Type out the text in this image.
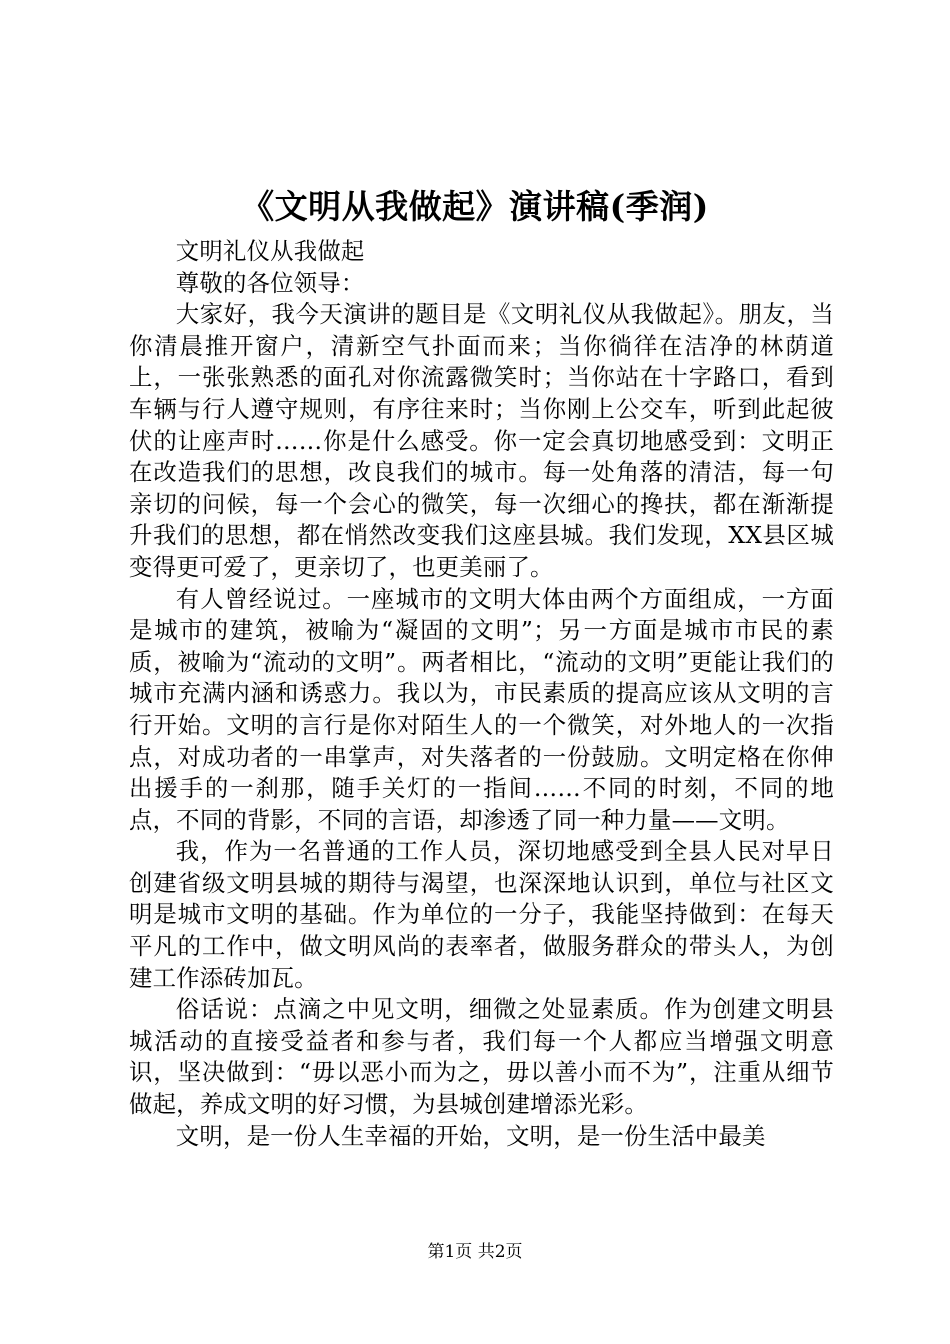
《文明从我做起》演讲稿(季润)

文明礼仪从我做起

尊敬的各位领导：

大家好，我今天演讲的题目是《文明礼仪从我做起》。朋友，当你清晨推开窗户，清新空气扑面而来；当你徜徉在洁净的林荫道上，一张张熟悉的面孔对你流露微笑时；当你站在十字路口，看到车辆与行人遵守规则，有序往来时；当你刚上公交车，听到此起彼伏的让座声时……你是什么感受。你一定会真切地感受到：文明正在改造我们的思想，改良我们的城市。每一处角落的清洁，每一句亲切的问候，每一个会心的微笑，每一次细心的搀扶，都在渐渐提升我们的思想，都在悄然改变我们这座县城。我们发现，XX县区城变得更可爱了，更亲切了，也更美丽了。

有人曾经说过。一座城市的文明大体由两个方面组成，一方面是城市的建筑，被喻为“凝固的文明”；另一方面是城市市民的素质，被喻为“流动的文明”。两者相比，“流动的文明”更能让我们的城市充满内涵和诱惑力。我以为，市民素质的提高应该从文明的言行开始。文明的言行是你对陌生人的一个微笑，对外地人的一次指点，对成功者的一串掌声，对失落者的一份鼓励。文明定格在你伸出援手的一刹那，随手关灯的一指间……不同的时刻，不同的地点，不同的背影，不同的言语，却渗透了同一种力量——文明。

我，作为一名普通的工作人员，深切地感受到全县人民对早日创建省级文明县城的期待与渴望，也深深地认识到，单位与社区文明是城市文明的基础。作为单位的一分子，我能坚持做到：在每天平凡的工作中，做文明风尚的表率者，做服务群众的带头人，为创建工作添砖加瓦。

俗话说：点滴之中见文明，细微之处显素质。作为创建文明县城活动的直接受益者和参与者，我们每一个人都应当增强文明意识，坚决做到：“毋以恶小而为之，毋以善小而不为”，注重从细节做起，养成文明的好习惯，为县城创建增添光彩。

文明，是一份人生幸福的开始，文明，是一份生活中最美

第1页 共2页
